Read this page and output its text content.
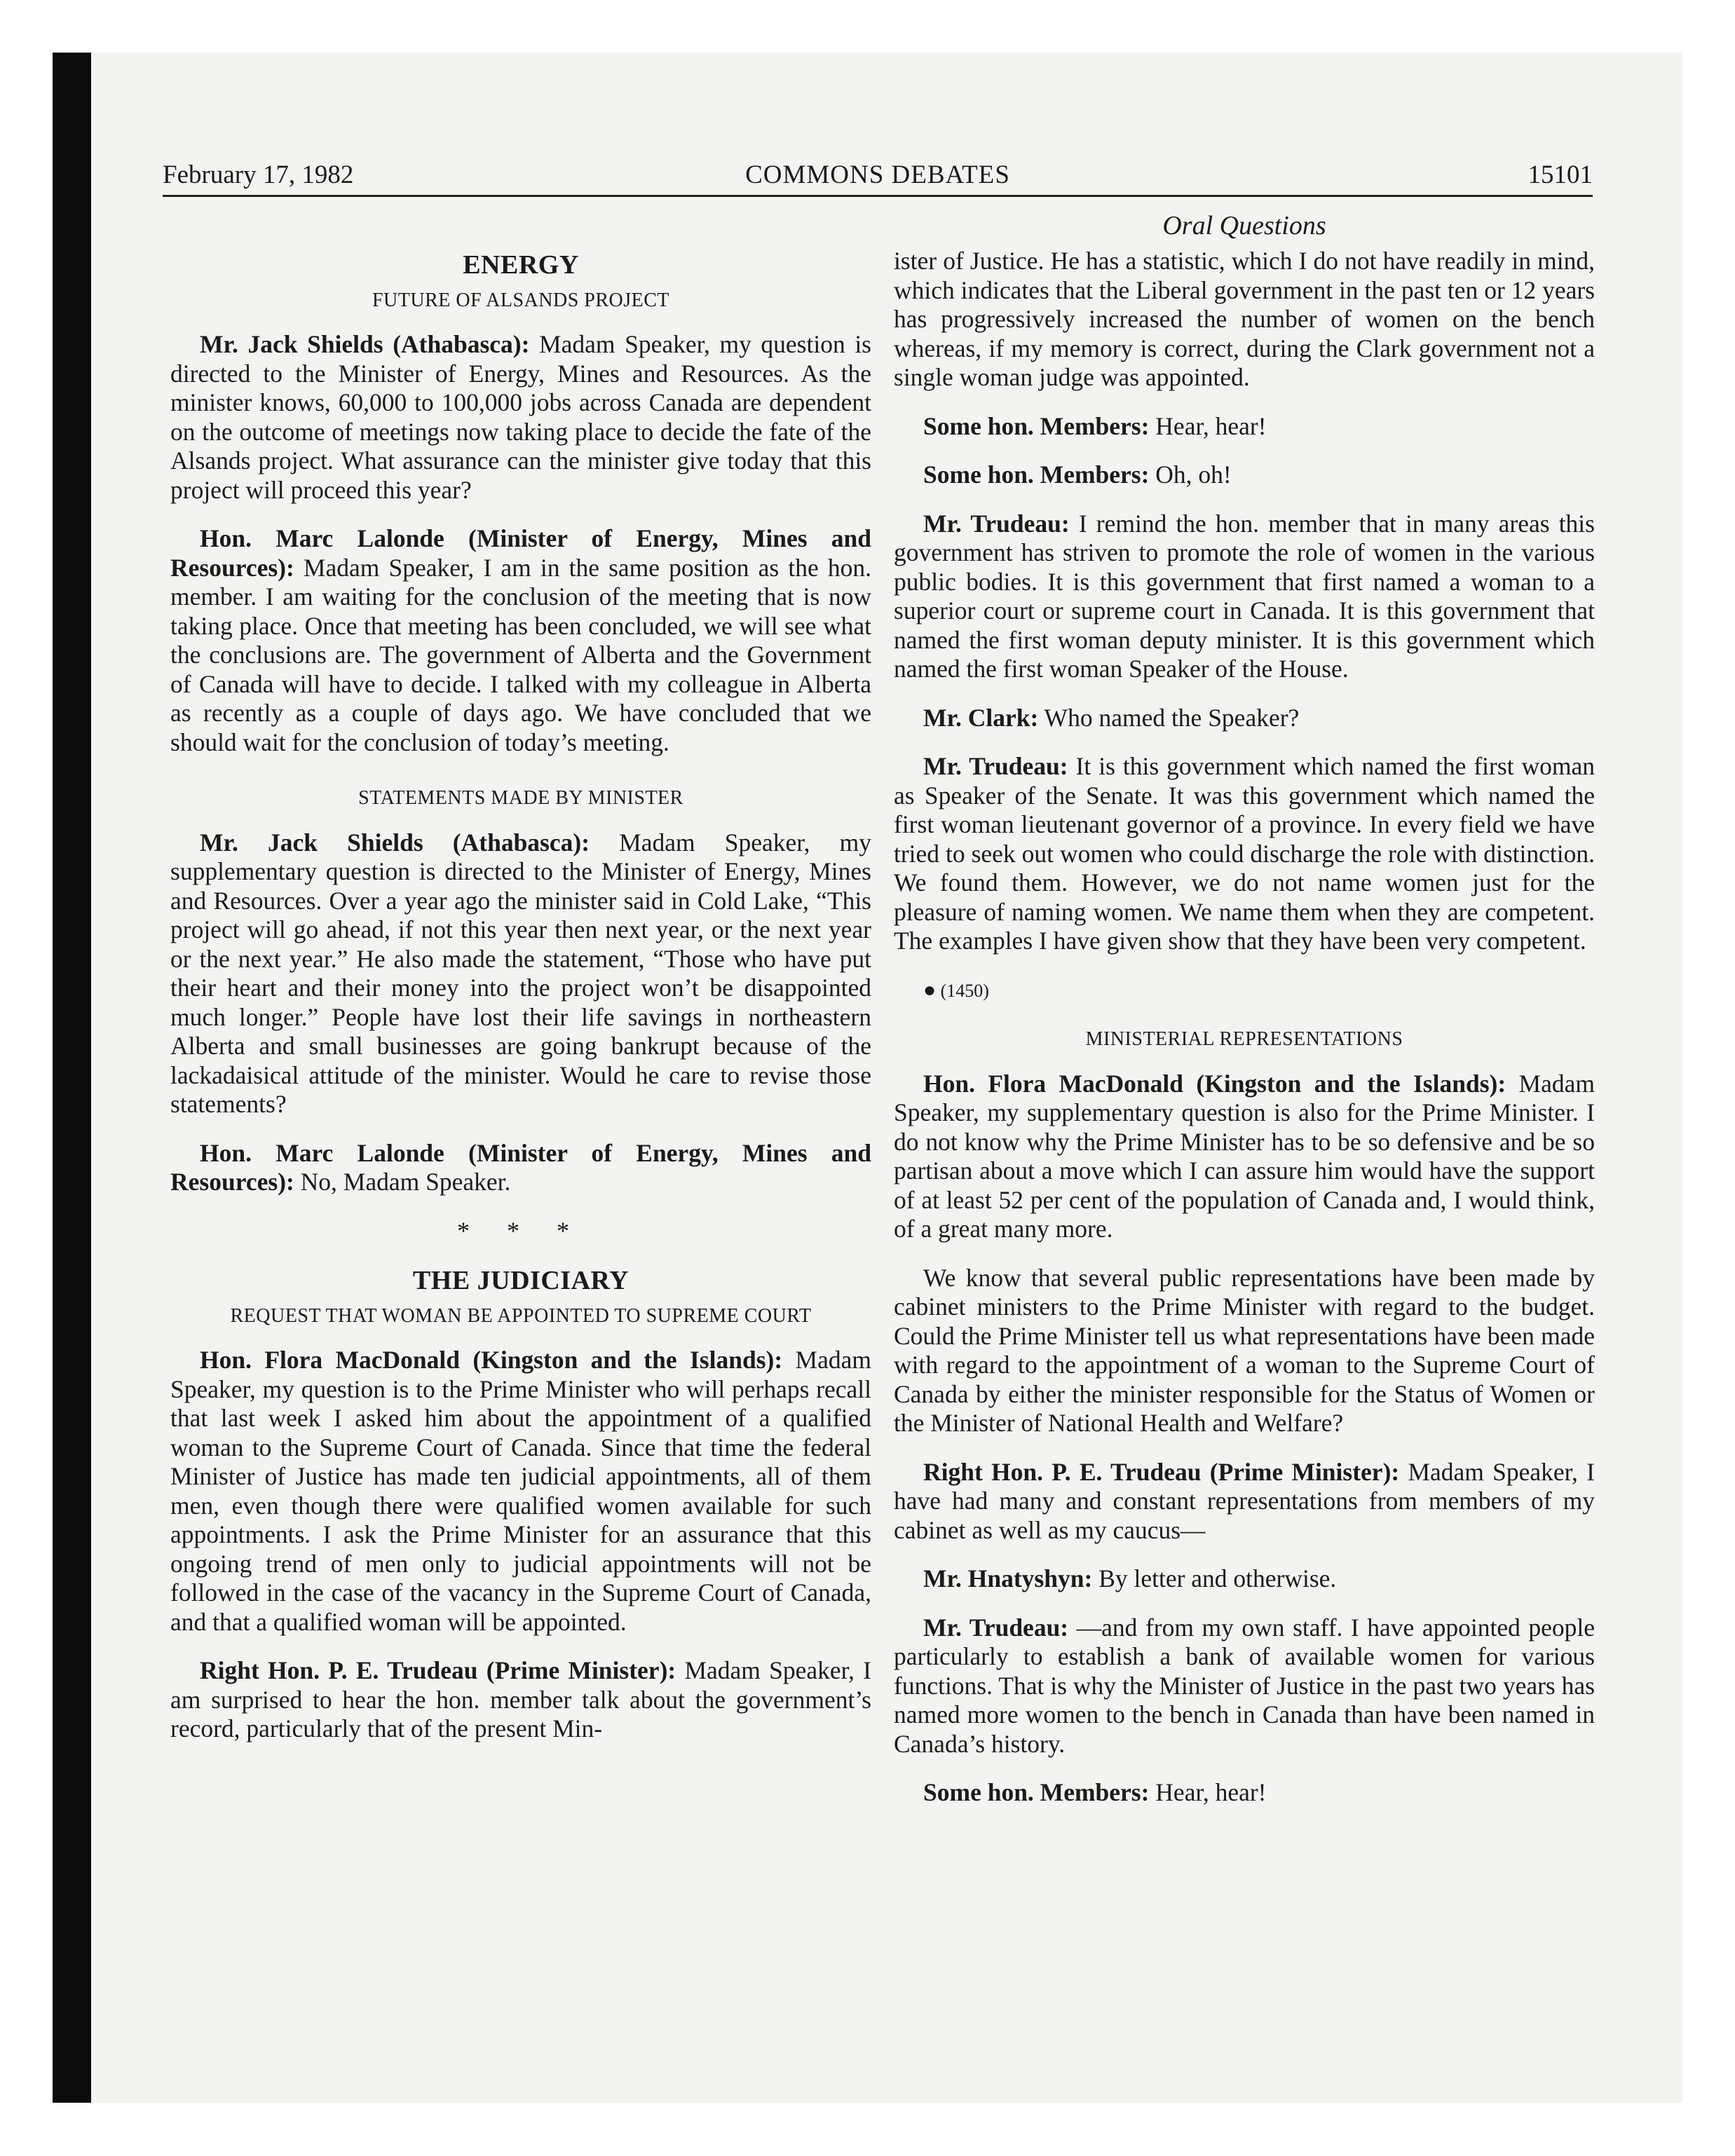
February 17, 1982	COMMONS DEBATES	15101
Oral Questions
ENERGY
FUTURE OF ALSANDS PROJECT

Mr. Jack Shields (Athabasca): Madam Speaker, my question is directed to the Minister of Energy, Mines and Resources. As the minister knows, 60,000 to 100,000 jobs across Canada are dependent on the outcome of meetings now taking place to decide the fate of the Alsands project. What assurance can the minister give today that this project will proceed this year?

Hon. Marc Lalonde (Minister of Energy, Mines and Resources): Madam Speaker, I am in the same position as the hon. member. I am waiting for the conclusion of the meeting that is now taking place. Once that meeting has been concluded, we will see what the conclusions are. The government of Alberta and the Government of Canada will have to decide. I talked with my colleague in Alberta as recently as a couple of days ago. We have concluded that we should wait for the conclusion of today’s meeting.

STATEMENTS MADE BY MINISTER

Mr. Jack Shields (Athabasca): Madam Speaker, my supplementary question is directed to the Minister of Energy, Mines and Resources. Over a year ago the minister said in Cold Lake, “This project will go ahead, if not this year then next year, or the next year or the next year.” He also made the statement, “Those who have put their heart and their money into the project won’t be disappointed much longer.” People have lost their life savings in northeastern Alberta and small businesses are going bankrupt because of the lackadaisical attitude of the minister. Would he care to revise those statements?

Hon. Marc Lalonde (Minister of Energy, Mines and Resources): No, Madam Speaker.

* * *
THE JUDICIARY
REQUEST THAT WOMAN BE APPOINTED TO SUPREME COURT

Hon. Flora MacDonald (Kingston and the Islands): Madam Speaker, my question is to the Prime Minister who will perhaps recall that last week I asked him about the appointment of a qualified woman to the Supreme Court of Canada. Since that time the federal Minister of Justice has made ten judicial appointments, all of them men, even though there were qualified women available for such appointments. I ask the Prime Minister for an assurance that this ongoing trend of men only to judicial appointments will not be followed in the case of the vacancy in the Supreme Court of Canada, and that a qualified woman will be appointed.

Right Hon. P. E. Trudeau (Prime Minister): Madam Speaker, I am surprised to hear the hon. member talk about the government’s record, particularly that of the present Min-

ister of Justice. He has a statistic, which I do not have readily in mind, which indicates that the Liberal government in the past ten or 12 years has progressively increased the number of women on the bench whereas, if my memory is correct, during the Clark government not a single woman judge was appointed.

Some hon. Members: Hear, hear!

Some hon. Members: Oh, oh!

Mr. Trudeau: I remind the hon. member that in many areas this government has striven to promote the role of women in the various public bodies. It is this government that first named a woman to a superior court or supreme court in Canada. It is this government that named the first woman deputy minister. It is this government which named the first woman Speaker of the House.

Mr. Clark: Who named the Speaker?

Mr. Trudeau: It is this government which named the first woman as Speaker of the Senate. It was this government which named the first woman lieutenant governor of a province. In every field we have tried to seek out women who could discharge the role with distinction. We found them. However, we do not name women just for the pleasure of naming women. We name them when they are competent. The examples I have given show that they have been very competent.

● (1450)

MINISTERIAL REPRESENTATIONS

Hon. Flora MacDonald (Kingston and the Islands): Madam Speaker, my supplementary question is also for the Prime Minister. I do not know why the Prime Minister has to be so defensive and be so partisan about a move which I can assure him would have the support of at least 52 per cent of the population of Canada and, I would think, of a great many more.

We know that several public representations have been made by cabinet ministers to the Prime Minister with regard to the budget. Could the Prime Minister tell us what representations have been made with regard to the appointment of a woman to the Supreme Court of Canada by either the minister responsible for the Status of Women or the Minister of National Health and Welfare?

Right Hon. P. E. Trudeau (Prime Minister): Madam Speaker, I have had many and constant representations from members of my cabinet as well as my caucus—

Mr. Hnatyshyn: By letter and otherwise.

Mr. Trudeau: —and from my own staff. I have appointed people particularly to establish a bank of available women for various functions. That is why the Minister of Justice in the past two years has named more women to the bench in Canada than have been named in Canada’s history.

Some hon. Members: Hear, hear!
